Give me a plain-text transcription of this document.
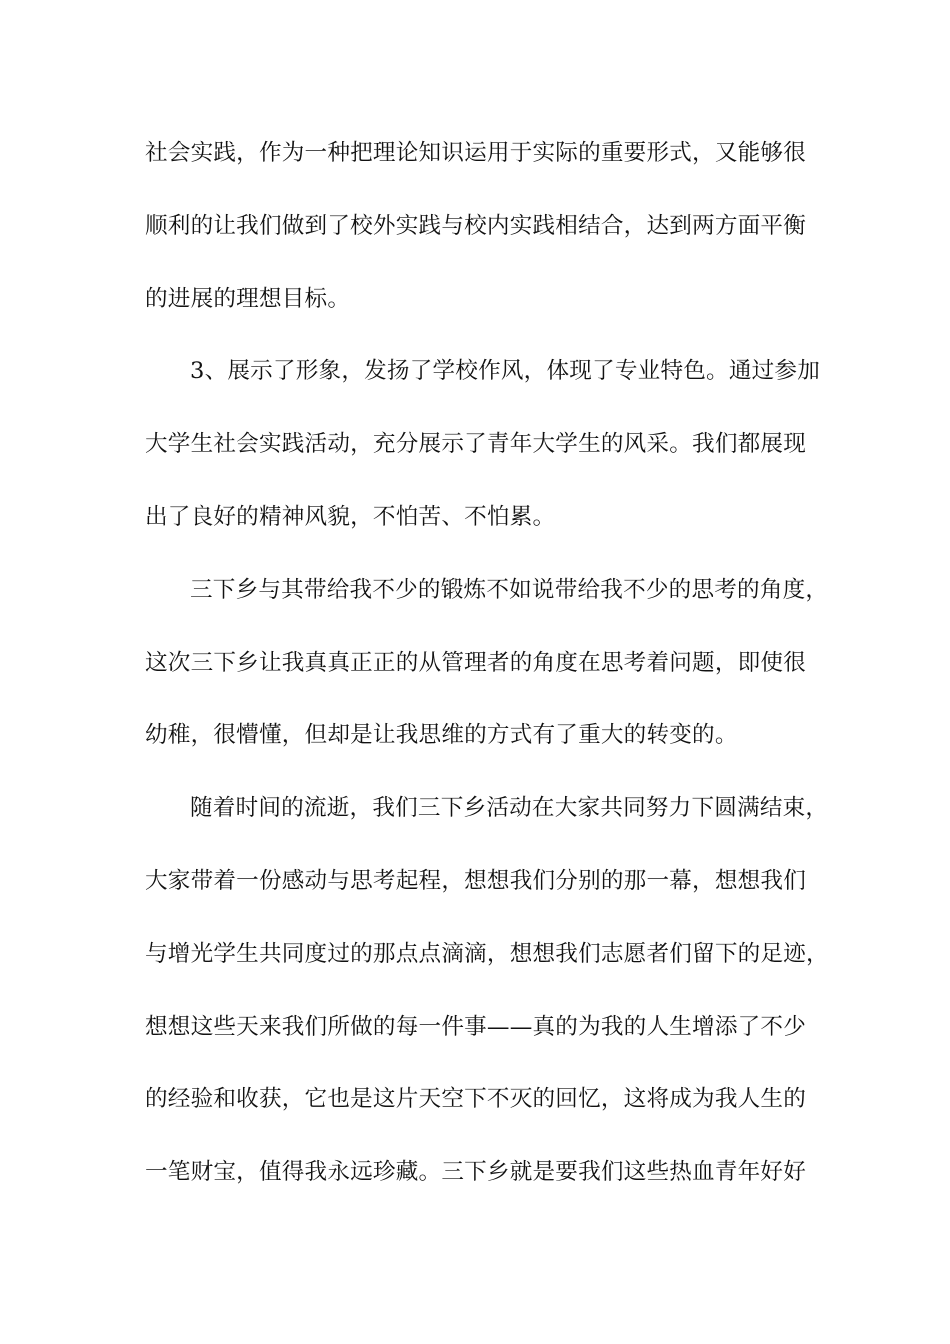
社会实践，作为一种把理论知识运用于实际的重要形式，又能够很
顺利的让我们做到了校外实践与校内实践相结合，达到两方面平衡
的进展的理想目标。
3、展示了形象，发扬了学校作风，体现了专业特色。通过参加
大学生社会实践活动，充分展示了青年大学生的风采。我们都展现
出了良好的精神风貌，不怕苦、不怕累。
三下乡与其带给我不少的锻炼不如说带给我不少的思考的角度，
这次三下乡让我真真正正的从管理者的角度在思考着问题，即使很
幼稚，很懵懂，但却是让我思维的方式有了重大的转变的。
随着时间的流逝，我们三下乡活动在大家共同努力下圆满结束，
大家带着一份感动与思考起程，想想我们分别的那一幕，想想我们
与增光学生共同度过的那点点滴滴，想想我们志愿者们留下的足迹，
想想这些天来我们所做的每一件事——真的为我的人生增添了不少
的经验和收获，它也是这片天空下不灭的回忆，这将成为我人生的
一笔财宝，值得我永远珍藏。三下乡就是要我们这些热血青年好好
